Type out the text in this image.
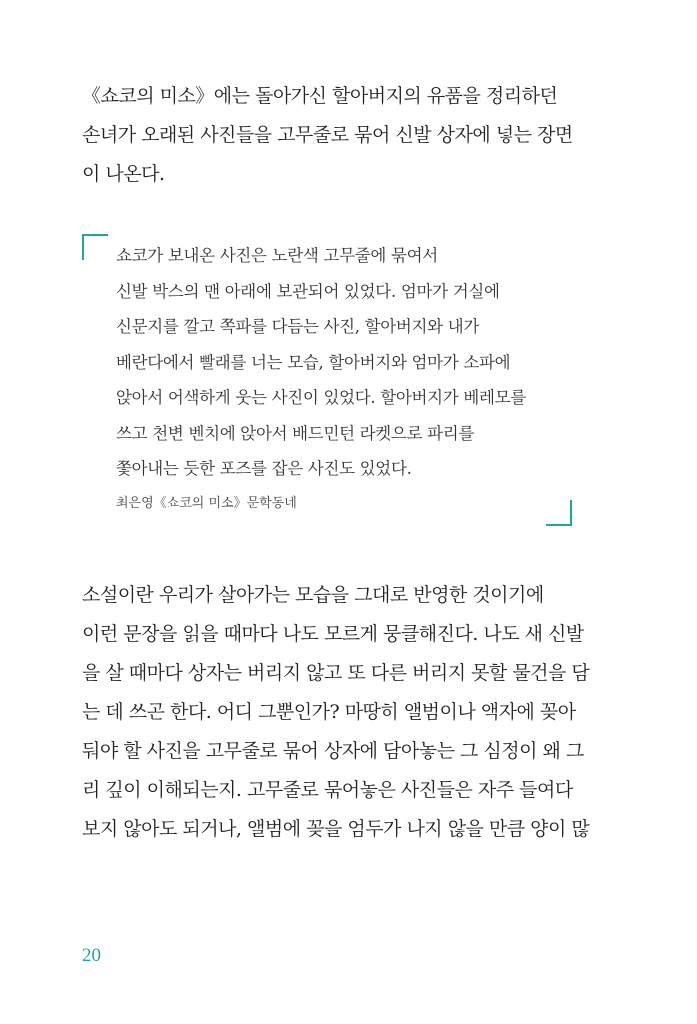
《쇼코의 미소》에는 돌아가신 할아버지의 유품을 정리하던
손녀가 오래된 사진들을 고무줄로 묶어 신발 상자에 넣는 장면
이 나온다.
쇼코가 보내온 사진은 노란색 고무줄에 묶여서
신발 박스의 맨 아래에 보관되어 있었다. 엄마가 거실에
신문지를 깔고 쪽파를 다듬는 사진, 할아버지와 내가
베란다에서 빨래를 너는 모습, 할아버지와 엄마가 소파에
앉아서 어색하게 웃는 사진이 있었다. 할아버지가 베레모를
쓰고 천변 벤치에 앉아서 배드민턴 라켓으로 파리를
쫓아내는 듯한 포즈를 잡은 사진도 있었다.
최은영《쇼코의 미소》문학동네
소설이란 우리가 살아가는 모습을 그대로 반영한 것이기에
이런 문장을 읽을 때마다 나도 모르게 뭉클해진다. 나도 새 신발
을 살 때마다 상자는 버리지 않고 또 다른 버리지 못할 물건을 담
는 데 쓰곤 한다. 어디 그뿐인가? 마땅히 앨범이나 액자에 꽂아
둬야 할 사진을 고무줄로 묶어 상자에 담아놓는 그 심정이 왜 그
리 깊이 이해되는지. 고무줄로 묶어놓은 사진들은 자주 들여다
보지 않아도 되거나, 앨범에 꽂을 엄두가 나지 않을 만큼 양이 많
20
